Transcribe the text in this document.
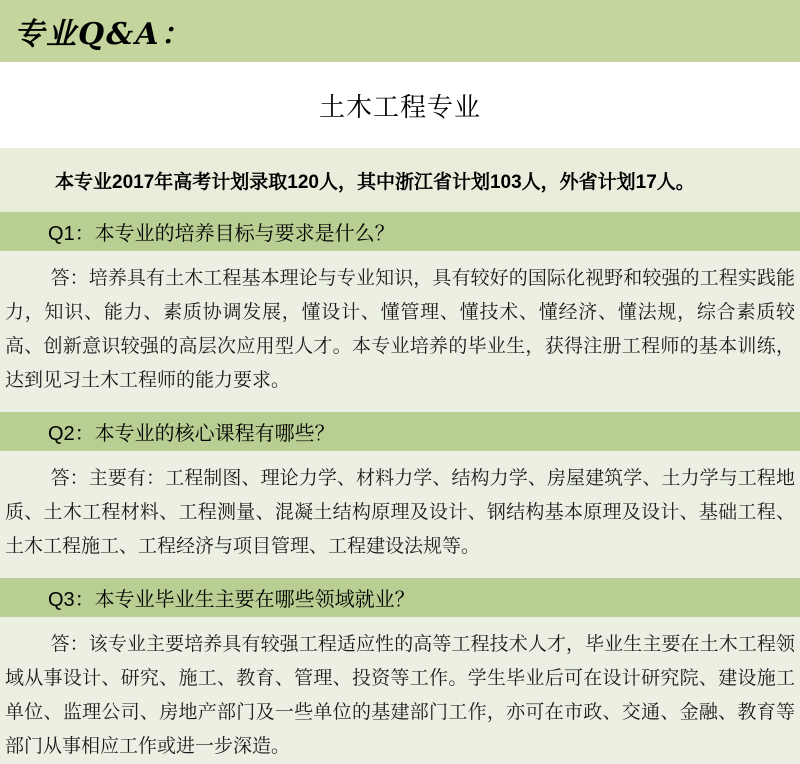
专业Q&A：
土木工程专业
本专业2017年高考计划录取120人，其中浙江省计划103人，外省计划17人。
Q1：本专业的培养目标与要求是什么？

答：培养具有土木工程基本理论与专业知识，具有较好的国际化视野和较强的工程实践能力，知识、能力、素质协调发展，懂设计、懂管理、懂技术、懂经济、懂法规，综合素质较高、创新意识较强的高层次应用型人才。本专业培养的毕业生，获得注册工程师的基本训练，达到见习土木工程师的能力要求。

Q2：本专业的核心课程有哪些？

答：主要有：工程制图、理论力学、材料力学、结构力学、房屋建筑学、土力学与工程地质、土木工程材料、工程测量、混凝土结构原理及设计、钢结构基本原理及设计、基础工程、土木工程施工、工程经济与项目管理、工程建设法规等。

Q3：本专业毕业生主要在哪些领域就业？

答：该专业主要培养具有较强工程适应性的高等工程技术人才，毕业生主要在土木工程领域从事设计、研究、施工、教育、管理、投资等工作。学生毕业后可在设计研究院、建设施工单位、监理公司、房地产部门及一些单位的基建部门工作，亦可在市政、交通、金融、教育等部门从事相应工作或进一步深造。
